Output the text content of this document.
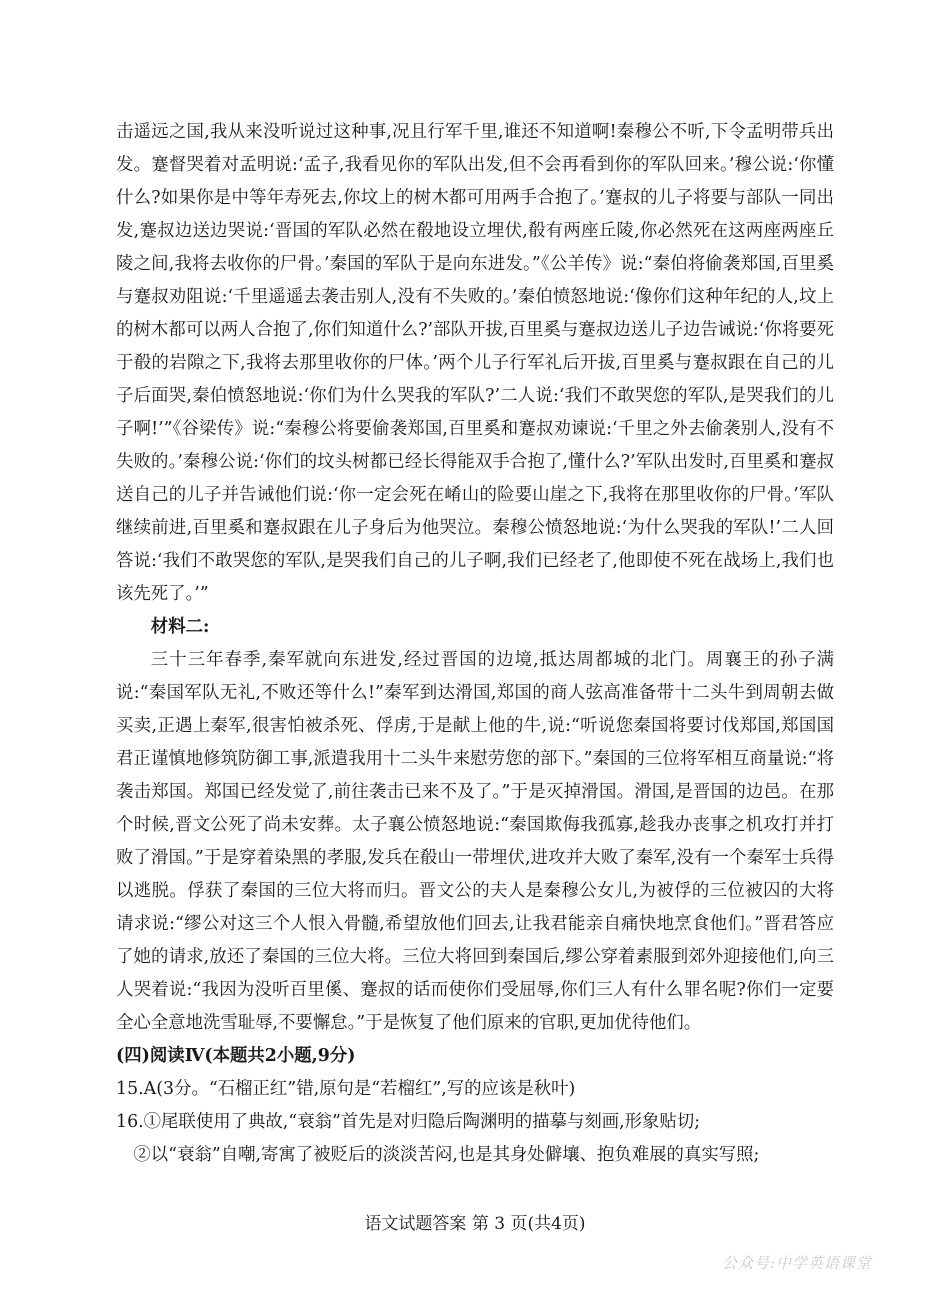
击遥远之国,我从来没听说过这种事,况且行军千里,谁还不知道啊!秦穆公不听,下令孟明带兵出发。蹇督哭着对孟明说:‘孟子,我看见你的军队出发,但不会再看到你的军队回来。’穆公说:‘你懂什么?如果你是中等年寿死去,你坟上的树木都可用两手合抱了。’蹇叔的儿子将要与部队一同出发,蹇叔边送边哭说:‘晋国的军队必然在殽地设立埋伏,殽有两座丘陵,你必然死在这两座两座丘陵之间,我将去收你的尸骨。’秦国的军队于是向东进发。”《公羊传》说:“秦伯将偷袭郑国,百里奚与蹇叔劝阻说:‘千里遥遥去袭击别人,没有不失败的。’秦伯愤怒地说:‘像你们这种年纪的人,坟上的树木都可以两人合抱了,你们知道什么?’部队开拔,百里奚与蹇叔边送儿子边告诫说:‘你将要死于殽的岩隙之下,我将去那里收你的尸体。’两个儿子行军礼后开拔,百里奚与蹇叔跟在自己的儿子后面哭,秦伯愤怒地说:‘你们为什么哭我的军队?’二人说:‘我们不敢哭您的军队,是哭我们的儿子啊!’”《谷梁传》说:“秦穆公将要偷袭郑国,百里奚和蹇叔劝谏说:‘千里之外去偷袭别人,没有不失败的。’秦穆公说:‘你们的坟头树都已经长得能双手合抱了,懂什么?’军队出发时,百里奚和蹇叔送自己的儿子并告诫他们说:‘你一定会死在崤山的险要山崖之下,我将在那里收你的尸骨。’军队继续前进,百里奚和蹇叔跟在儿子身后为他哭泣。秦穆公愤怒地说:‘为什么哭我的军队!’二人回答说:‘我们不敢哭您的军队,是哭我们自己的儿子啊,我们已经老了,他即使不死在战场上,我们也该先死了。’”

材料二:

三十三年春季,秦军就向东进发,经过晋国的边境,抵达周都城的北门。周襄王的孙子满说:“秦国军队无礼,不败还等什么!”秦军到达滑国,郑国的商人弦高准备带十二头牛到周朝去做买卖,正遇上秦军,很害怕被杀死、俘虏,于是献上他的牛,说:“听说您秦国将要讨伐郑国,郑国国君正谨慎地修筑防御工事,派遣我用十二头牛来慰劳您的部下。”秦国的三位将军相互商量说:“将袭击郑国。郑国已经发觉了,前往袭击已来不及了。”于是灭掉滑国。滑国,是晋国的边邑。在那个时候,晋文公死了尚未安葬。太子襄公愤怒地说:“秦国欺侮我孤寡,趁我办丧事之机攻打并打败了滑国。”于是穿着染黑的孝服,发兵在殽山一带埋伏,进攻并大败了秦军,没有一个秦军士兵得以逃脱。俘获了秦国的三位大将而归。晋文公的夫人是秦穆公女儿,为被俘的三位被囚的大将请求说:“缪公对这三个人恨入骨髓,希望放他们回去,让我君能亲自痛快地烹食他们。”晋君答应了她的请求,放还了秦国的三位大将。三位大将回到秦国后,缪公穿着素服到郊外迎接他们,向三人哭着说:“我因为没听百里傒、蹇叔的话而使你们受屈辱,你们三人有什么罪名呢?你们一定要全心全意地洗雪耻辱,不要懈怠。”于是恢复了他们原来的官职,更加优待他们。

(四)阅读Ⅳ(本题共2小题,9分)

15.A(3分。“石榴正红”错,原句是“若榴红”,写的应该是秋叶)

16.①尾联使用了典故,“衰翁”首先是对归隐后陶渊明的描摹与刻画,形象贴切;

②以“衰翁”自嘲,寄寓了被贬后的淡淡苦闷,也是其身处僻壤、抱负难展的真实写照;

语文试题答案 第 3 页(共4页)
公众号:中学英语课堂
